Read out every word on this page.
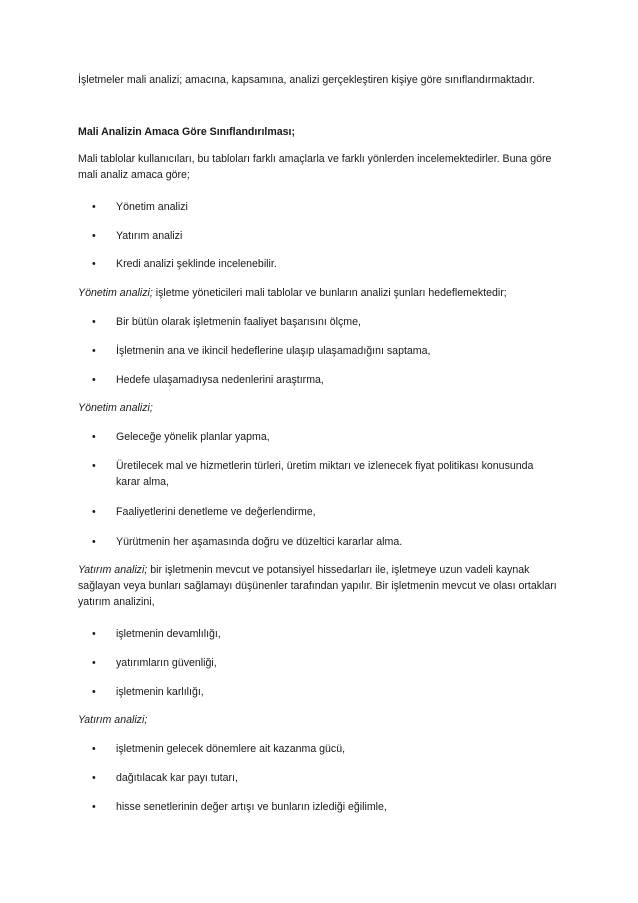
İşletmeler mali analizi; amacına, kapsamına, analizi gerçekleştiren kişiye göre sınıflandırmaktadır.

Mali Analizin Amaca Göre Sınıflandırılması;

Mali tablolar kullanıcıları, bu tabloları farklı amaçlarla ve farklı yönlerden incelemektedirler. Buna göre mali analiz amaca göre;

•	Yönetim analizi
•	Yatırım analizi
•	Kredi analizi şeklinde incelenebilir.

Yönetim analizi; işletme yöneticileri mali tablolar ve bunların analizi şunları hedeflemektedir;

•	Bir bütün olarak işletmenin faaliyet başarısını ölçme,
•	İşletmenin ana ve ikincil hedeflerine ulaşıp ulaşamadığını saptama,
•	Hedefe ulaşamadıysa nedenlerini araştırma,

Yönetim analizi;

•	Geleceğe yönelik planlar yapma,
•	Üretilecek mal ve hizmetlerin türleri, üretim miktarı ve izlenecek fiyat politikası konusunda karar alma,
•	Faaliyetlerini denetleme ve değerlendirme,
•	Yürütmenin her aşamasında doğru ve düzeltici kararlar alma.

Yatırım analizi; bir işletmenin mevcut ve potansiyel hissedarları ile, işletmeye uzun vadeli kaynak sağlayan veya bunları sağlamayı düşünenler tarafından yapılır. Bir işletmenin mevcut ve olası ortakları yatırım analizini,

•	işletmenin devamlılığı,
•	yatırımların güvenliği,
•	işletmenin karlılığı,

Yatırım analizi;

•	işletmenin gelecek dönemlere ait kazanma gücü,
•	dağıtılacak kar payı tutarı,
•	hisse senetlerinin değer artışı ve bunların izlediği eğilimle,
